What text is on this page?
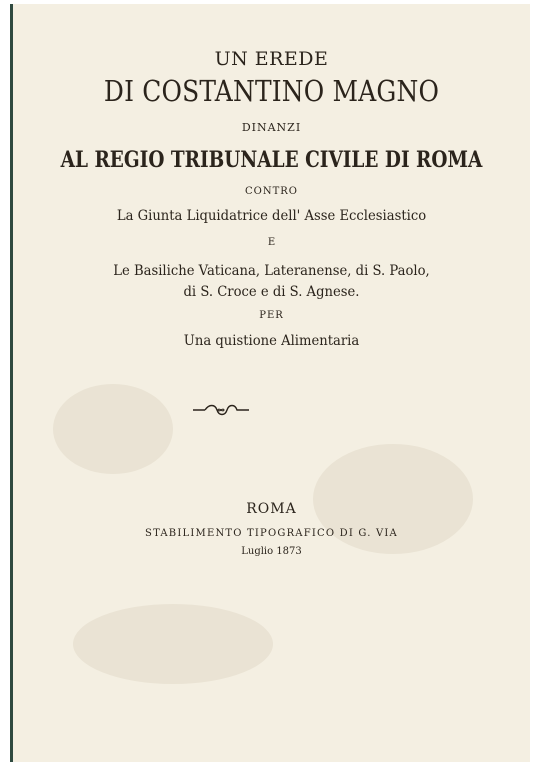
UN EREDE
DI COSTANTINO MAGNO
DINANZI
AL REGIO TRIBUNALE CIVILE DI ROMA
CONTRO
La Giunta Liquidatrice dell' Asse Ecclesiastico
E
Le Basiliche Vaticana, Lateranense, di S. Paolo,
di S. Croce e di S. Agnese.
PER
Una quistione Alimentaria
ROMA
STABILIMENTO TIPOGRAFICO DI G. VIA
Luglio 1873
